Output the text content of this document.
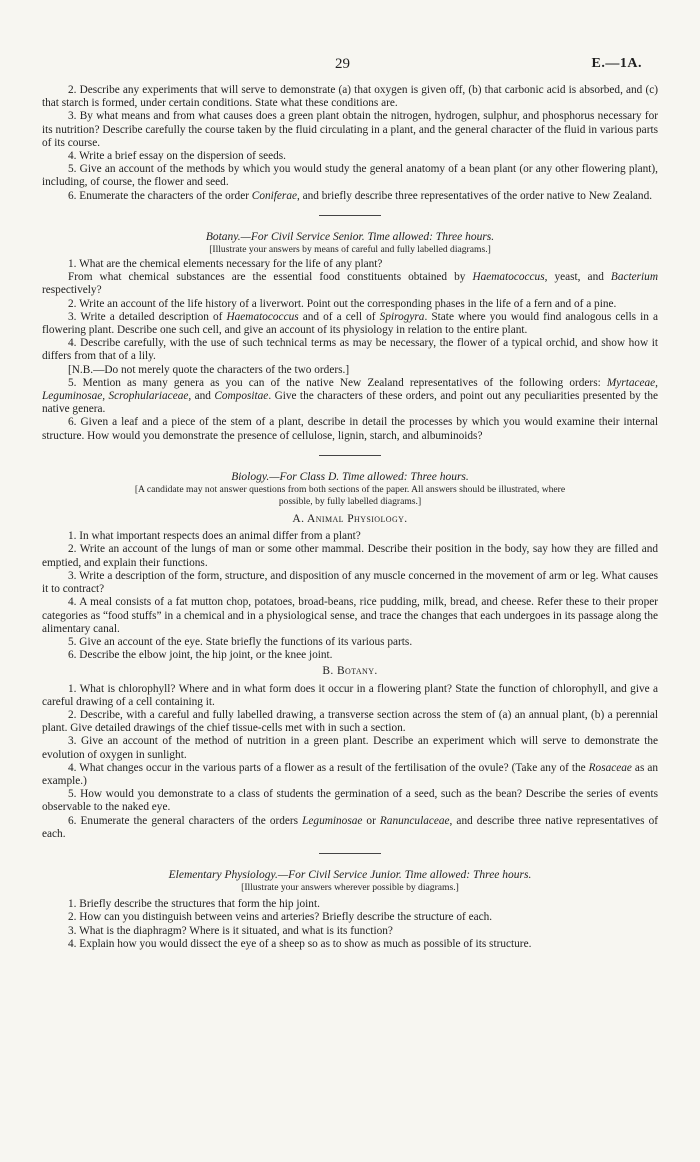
29	E.—1A.

2. Describe any experiments that will serve to demonstrate (a) that oxygen is given off, (b) that carbonic acid is absorbed, and (c) that starch is formed, under certain conditions. State what these conditions are.

3. By what means and from what causes does a green plant obtain the nitrogen, hydrogen, sulphur, and phosphorus necessary for its nutrition? Describe carefully the course taken by the fluid circulating in a plant, and the general character of the fluid in various parts of its course.

4. Write a brief essay on the dispersion of seeds.

5. Give an account of the methods by which you would study the general anatomy of a bean plant (or any other flowering plant), including, of course, the flower and seed.

6. Enumerate the characters of the order Coniferae, and briefly describe three representatives of the order native to New Zealand.

Botany.—For Civil Service Senior. Time allowed: Three hours.

[Illustrate your answers by means of careful and fully labelled diagrams.]

1. What are the chemical elements necessary for the life of any plant?

From what chemical substances are the essential food constituents obtained by Haematococcus, yeast, and Bacterium respectively?

2. Write an account of the life history of a liverwort. Point out the corresponding phases in the life of a fern and of a pine.

3. Write a detailed description of Haematococcus and of a cell of Spirogyra. State where you would find analogous cells in a flowering plant. Describe one such cell, and give an account of its physiology in relation to the entire plant.

4. Describe carefully, with the use of such technical terms as may be necessary, the flower of a typical orchid, and show how it differs from that of a lily.

[N.B.—Do not merely quote the characters of the two orders.]

5. Mention as many genera as you can of the native New Zealand representatives of the following orders: Myrtaceae, Leguminosae, Scrophulariaceae, and Compositae. Give the characters of these orders, and point out any peculiarities presented by the native genera.

6. Given a leaf and a piece of the stem of a plant, describe in detail the processes by which you would examine their internal structure. How would you demonstrate the presence of cellulose, lignin, starch, and albuminoids?

Biology.—For Class D. Time allowed: Three hours.

[A candidate may not answer questions from both sections of the paper. All answers should be illustrated, where

possible, by fully labelled diagrams.]

A. Animal Physiology.

1. In what important respects does an animal differ from a plant?

2. Write an account of the lungs of man or some other mammal. Describe their position in the body, say how they are filled and emptied, and explain their functions.

3. Write a description of the form, structure, and disposition of any muscle concerned in the movement of arm or leg. What causes it to contract?

4. A meal consists of a fat mutton chop, potatoes, broad-beans, rice pudding, milk, bread, and cheese. Refer these to their proper categories as “food stuffs” in a chemical and in a physiological sense, and trace the changes that each undergoes in its passage along the alimentary canal.

5. Give an account of the eye. State briefly the functions of its various parts.

6. Describe the elbow joint, the hip joint, or the knee joint.

B. Botany.

1. What is chlorophyll? Where and in what form does it occur in a flowering plant? State the function of chlorophyll, and give a careful drawing of a cell containing it.

2. Describe, with a careful and fully labelled drawing, a transverse section across the stem of (a) an annual plant, (b) a perennial plant. Give detailed drawings of the chief tissue-cells met with in such a section.

3. Give an account of the method of nutrition in a green plant. Describe an experiment which will serve to demonstrate the evolution of oxygen in sunlight.

4. What changes occur in the various parts of a flower as a result of the fertilisation of the ovule? (Take any of the Rosaceae as an example.)

5. How would you demonstrate to a class of students the germination of a seed, such as the bean? Describe the series of events observable to the naked eye.

6. Enumerate the general characters of the orders Leguminosae or Ranunculaceae, and describe three native representatives of each.

Elementary Physiology.—For Civil Service Junior. Time allowed: Three hours.

[Illustrate your answers wherever possible by diagrams.]

1. Briefly describe the structures that form the hip joint.

2. How can you distinguish between veins and arteries? Briefly describe the structure of each.

3. What is the diaphragm? Where is it situated, and what is its function?

4. Explain how you would dissect the eye of a sheep so as to show as much as possible of its structure.
